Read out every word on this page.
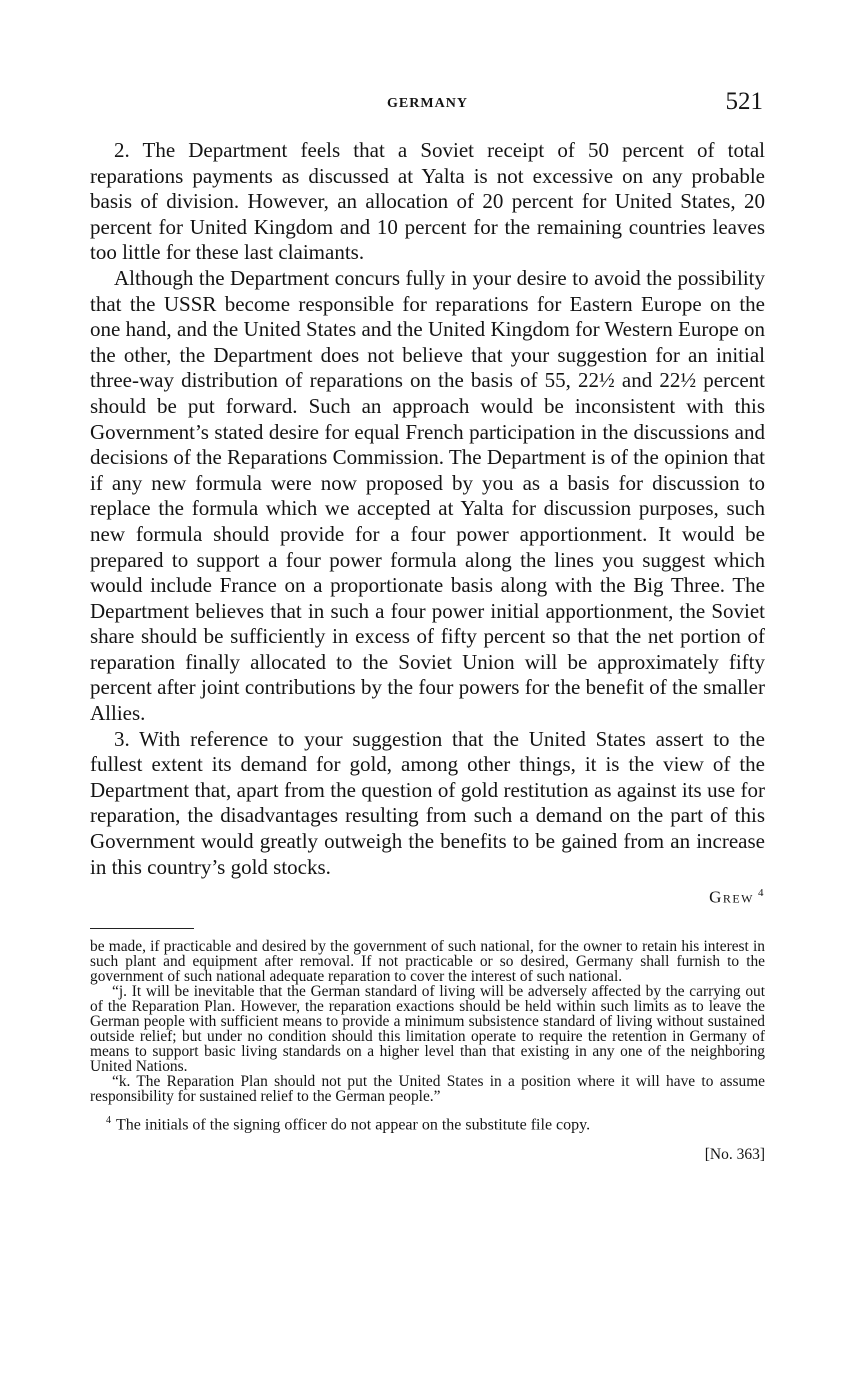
GERMANY	521

2. The Department feels that a Soviet receipt of 50 percent of total reparations payments as discussed at Yalta is not excessive on any probable basis of division. However, an allocation of 20 percent for United States, 20 percent for United Kingdom and 10 percent for the remaining countries leaves too little for these last claimants.

Although the Department concurs fully in your desire to avoid the possibility that the USSR become responsible for reparations for Eastern Europe on the one hand, and the United States and the United Kingdom for Western Europe on the other, the Department does not believe that your suggestion for an initial three-way distribution of reparations on the basis of 55, 22½ and 22½ percent should be put forward. Such an approach would be inconsistent with this Government’s stated desire for equal French participation in the discussions and decisions of the Reparations Commission. The Department is of the opinion that if any new formula were now proposed by you as a basis for discussion to replace the formula which we accepted at Yalta for discussion purposes, such new formula should provide for a four power apportionment. It would be prepared to support a four power formula along the lines you suggest which would include France on a proportionate basis along with the Big Three. The Department believes that in such a four power initial apportionment, the Soviet share should be sufficiently in excess of fifty percent so that the net portion of reparation finally allocated to the Soviet Union will be approximately fifty percent after joint contributions by the four powers for the benefit of the smaller Allies.

3. With reference to your suggestion that the United States assert to the fullest extent its demand for gold, among other things, it is the view of the Department that, apart from the question of gold restitution as against its use for reparation, the disadvantages resulting from such a demand on the part of this Government would greatly outweigh the benefits to be gained from an increase in this country’s gold stocks.

Grew $^4$

be made, if practicable and desired by the government of such national, for the owner to retain his interest in such plant and equipment after removal. If not practicable or so desired, Germany shall furnish to the government of such national adequate reparation to cover the interest of such national.

“j. It will be inevitable that the German standard of living will be adversely affected by the carrying out of the Reparation Plan. However, the reparation exactions should be held within such limits as to leave the German people with sufficient means to provide a minimum subsistence standard of living without sustained outside relief; but under no condition should this limitation operate to require the retention in Germany of means to support basic living standards on a higher level than that existing in any one of the neighboring United Nations.

“k. The Reparation Plan should not put the United States in a position where it will have to assume responsibility for sustained relief to the German people.”

$^4$ The initials of the signing officer do not appear on the substitute file copy.

[No. 363]
